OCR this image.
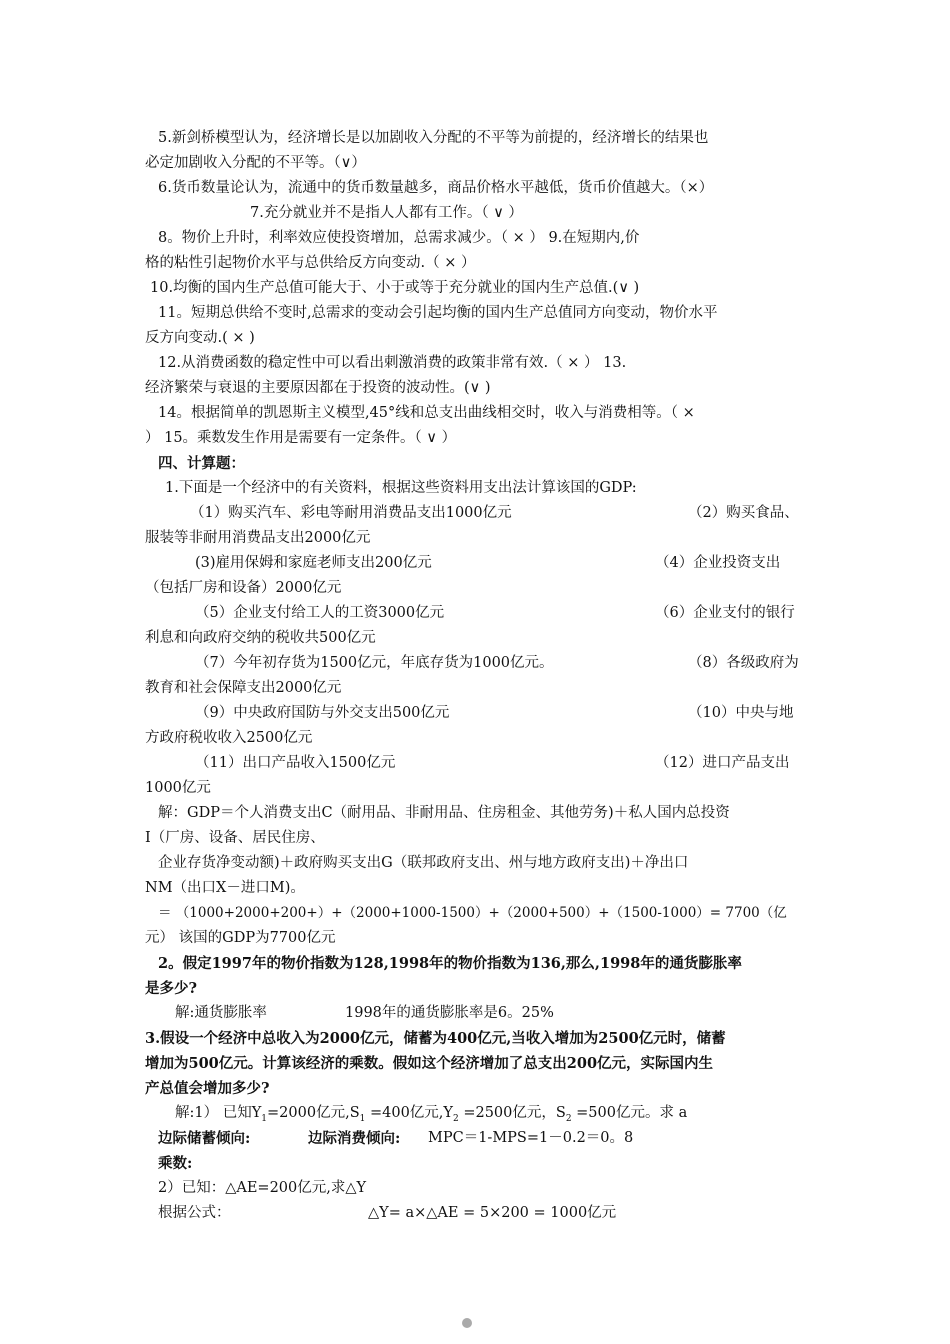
5.新剑桥模型认为，经济增长是以加剧收入分配的不平等为前提的，经济增长的结果也
必定加剧收入分配的不平等。（∨）
6.货币数量论认为，流通中的货币数量越多，商品价格水平越低，货币价值越大。（×）
7.充分就业并不是指人人都有工作。（ ∨ ）
8。物价上升时，利率效应使投资增加，总需求减少。（ × ） 9.在短期内,价
格的粘性引起物价水平与总供给反方向变动.（ × ）
10.均衡的国内生产总值可能大于、小于或等于充分就业的国内生产总值.(∨ )
11。短期总供给不变时,总需求的变动会引起均衡的国内生产总值同方向变动，物价水平
反方向变动.( × )
12.从消费函数的稳定性中可以看出刺激消费的政策非常有效.（ × ） 13.
经济繁荣与衰退的主要原因都在于投资的波动性。(∨ )
14。根据简单的凯恩斯主义模型,45°线和总支出曲线相交时，收入与消费相等。（ ×
） 15。乘数发生作用是需要有一定条件。（ ∨ ）
四、计算题：
1.下面是一个经济中的有关资料，根据这些资料用支出法计算该国的GDP:
（1）购买汽车、彩电等耐用消费品支出1000亿元	（2）购买食品、
服装等非耐用消费品支出2000亿元
(3)雇用保姆和家庭老师支出200亿元	（4）企业投资支出
（包括厂房和设备）2000亿元
（5）企业支付给工人的工资3000亿元	（6）企业支付的银行
利息和向政府交纳的税收共500亿元
（7）今年初存货为1500亿元，年底存货为1000亿元。	（8）各级政府为
教育和社会保障支出2000亿元
（9）中央政府国防与外交支出500亿元	（10）中央与地
方政府税收收入2500亿元
（11）出口产品收入1500亿元	（12）进口产品支出
1000亿元
解：GDP＝个人消费支出C（耐用品、非耐用品、住房租金、其他劳务)＋私人国内总投资
I（厂房、设备、居民住房、
企业存货净变动额)＋政府购买支出G（联邦政府支出、州与地方政府支出)＋净出口
NM（出口X－进口M)。
＝ （1000+2000+200+）+（2000+1000-1500）+（2000+500）+（1500-1000）= 7700（亿
元） 该国的GDP为7700亿元
2。假定1997年的物价指数为128,1998年的物价指数为136,那么,1998年的通货膨胀率
是多少?
解:通货膨胀率	1998年的通货膨胀率是6。25%
3.假设一个经济中总收入为2000亿元，储蓄为400亿元,当收入增加为2500亿元时，储蓄
增加为500亿元。计算该经济的乘数。假如这个经济增加了总支出200亿元，实际国内生
产总值会增加多少?
解:1） 已知$Y_1=2000$亿元$,S_1 =400$亿元$,Y_2 =2500$亿元，$S_2 =500$亿元。求 a
边际储蓄倾向:	边际消费倾向:	MPC＝1-MPS=1－0.2＝0。8
乘数:
2）已知：△AE=200亿元,求△Y
根据公式：	△Y= a×△AE = 5×200 = 1000亿元
